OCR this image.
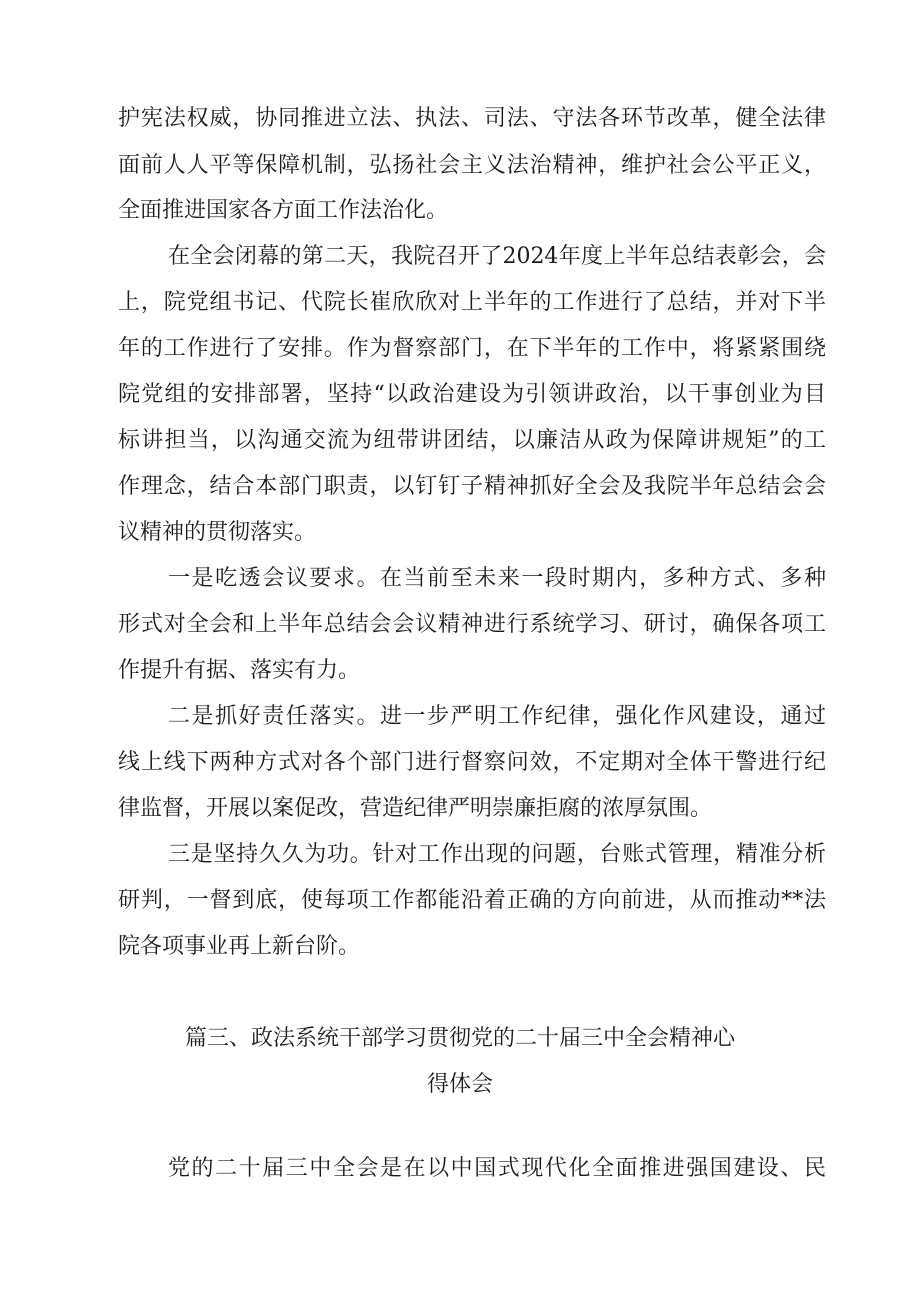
护宪法权威，协同推进立法、执法、司法、守法各环节改革，健全法律
面前人人平等保障机制，弘扬社会主义法治精神，维护社会公平正义，
全面推进国家各方面工作法治化。
在全会闭幕的第二天，我院召开了2024年度上半年总结表彰会，会
上，院党组书记、代院长崔欣欣对上半年的工作进行了总结，并对下半
年的工作进行了安排。作为督察部门，在下半年的工作中，将紧紧围绕
院党组的安排部署，坚持“以政治建设为引领讲政治，以干事创业为目
标讲担当，以沟通交流为纽带讲团结，以廉洁从政为保障讲规矩”的工
作理念，结合本部门职责，以钉钉子精神抓好全会及我院半年总结会会
议精神的贯彻落实。
一是吃透会议要求。在当前至未来一段时期内，多种方式、多种
形式对全会和上半年总结会会议精神进行系统学习、研讨，确保各项工
作提升有据、落实有力。
二是抓好责任落实。进一步严明工作纪律，强化作风建设，通过
线上线下两种方式对各个部门进行督察问效，不定期对全体干警进行纪
律监督，开展以案促改，营造纪律严明崇廉拒腐的浓厚氛围。
三是坚持久久为功。针对工作出现的问题，台账式管理，精准分析
研判，一督到底，使每项工作都能沿着正确的方向前进，从而推动**法
院各项事业再上新台阶。
篇三、政法系统干部学习贯彻党的二十届三中全会精神心
得体会
党的二十届三中全会是在以中国式现代化全面推进强国建设、民
